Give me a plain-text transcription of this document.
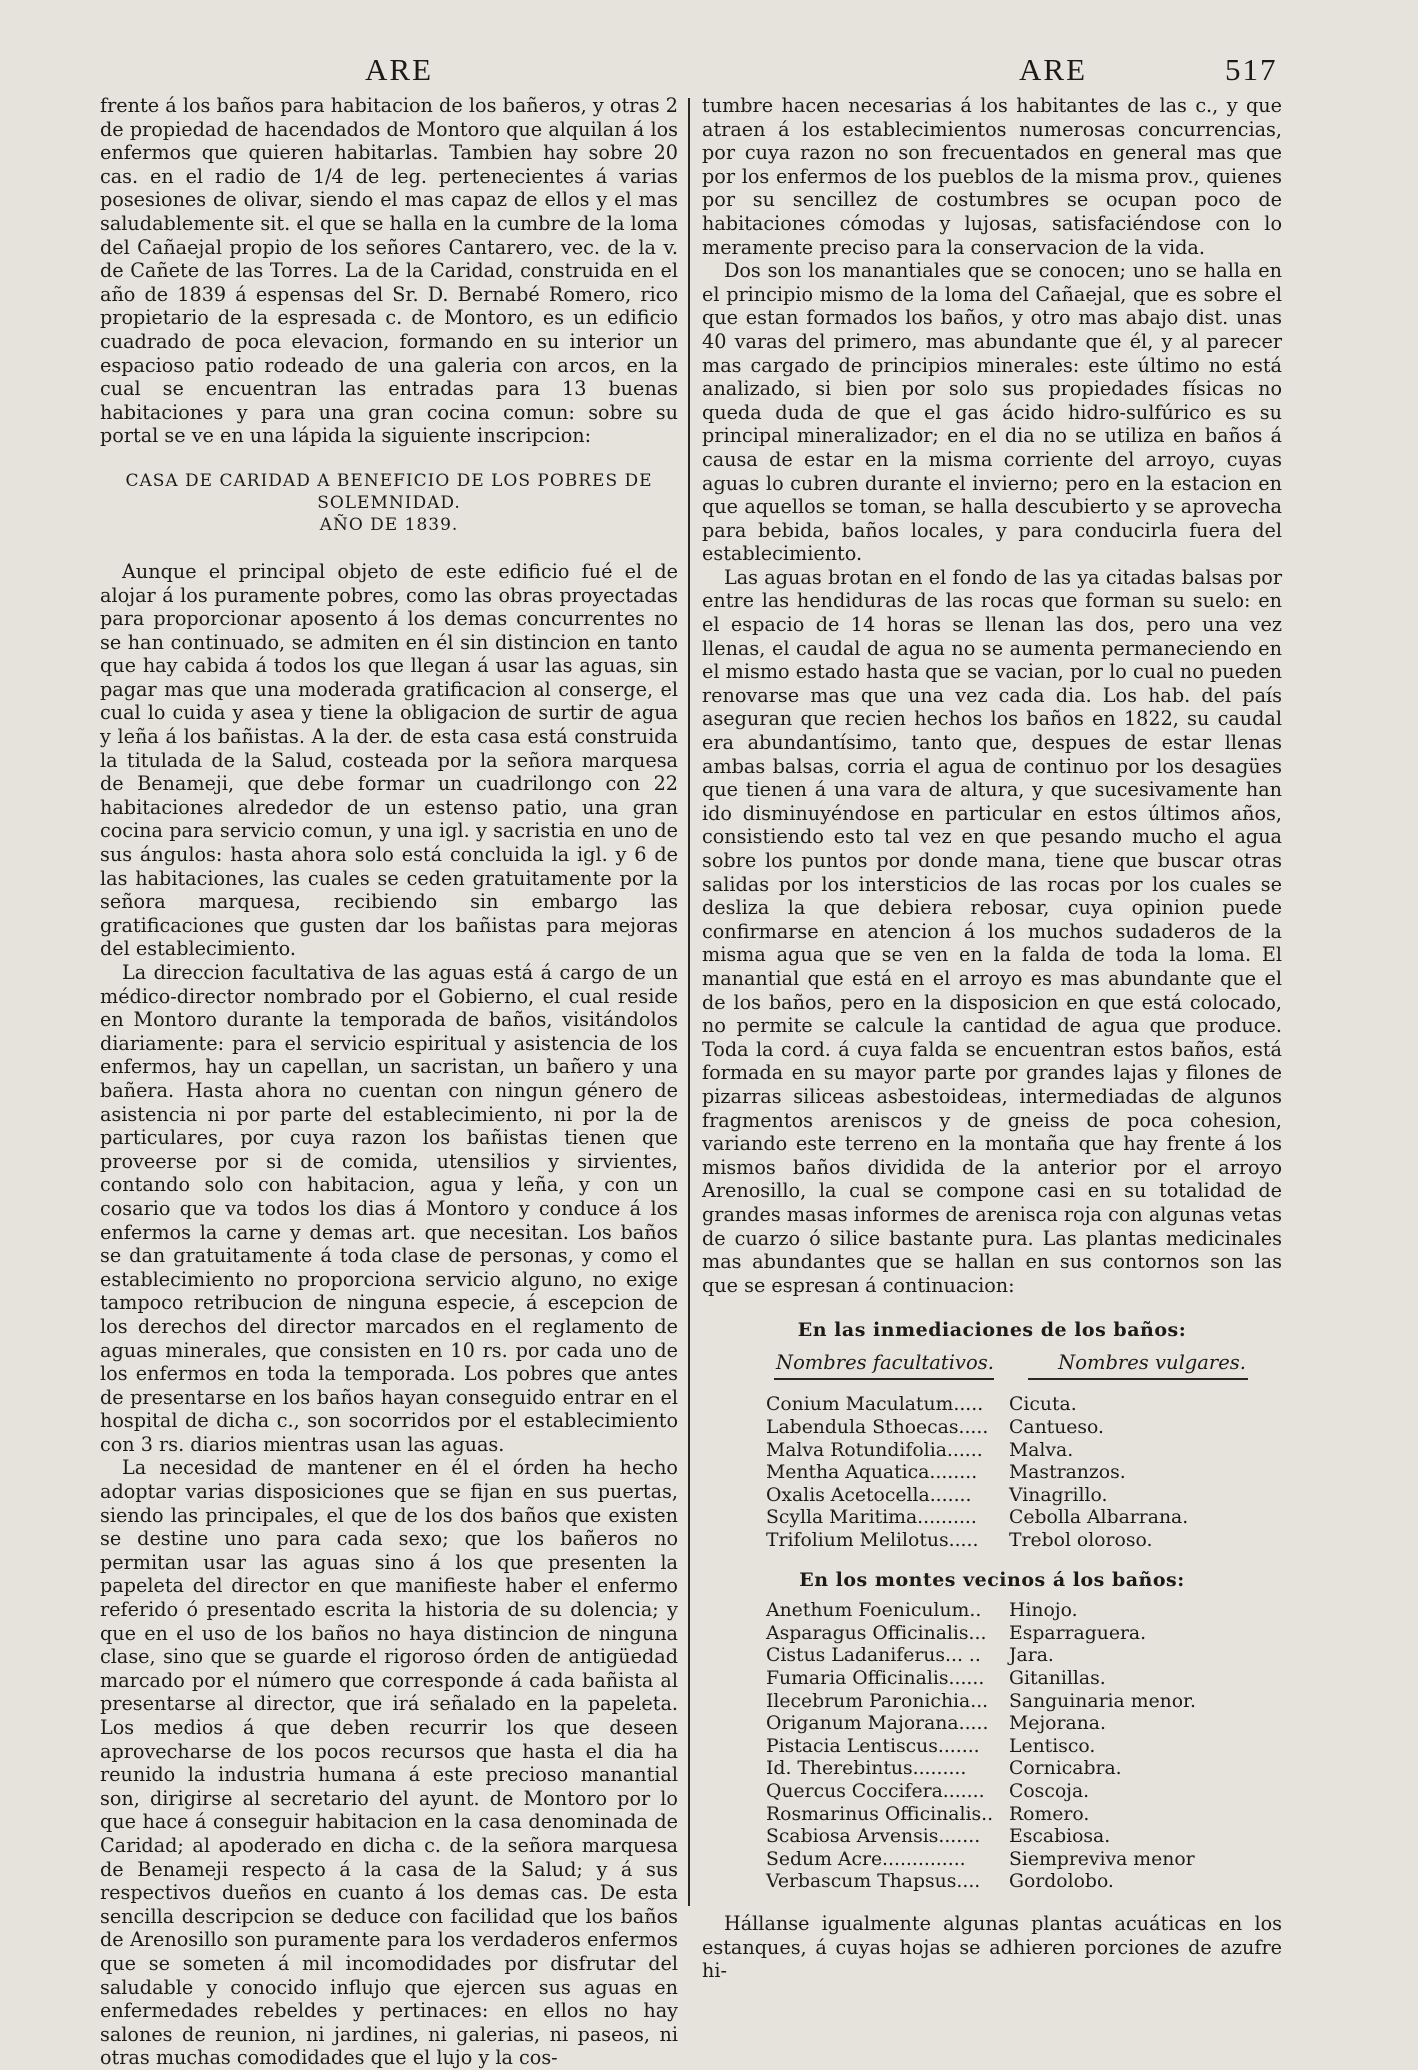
ARE	ARE	517

frente á los baños para habitacion de los bañeros, y otras 2 de propiedad de hacendados de Montoro que alquilan á los enfermos que quieren habitarlas. Tambien hay sobre 20 cas. en el radio de 1/4 de leg. pertenecientes á varias posesiones de olivar, siendo el mas capaz de ellos y el mas saludablemente sit. el que se halla en la cumbre de la loma del Cañaejal propio de los señores Cantarero, vec. de la v. de Cañete de las Torres. La de la Caridad, construida en el año de 1839 á espensas del Sr. D. Bernabé Romero, rico propietario de la espresada c. de Montoro, es un edificio cuadrado de poca elevacion, formando en su interior un espacioso patio rodeado de una galeria con arcos, en la cual se encuentran las entradas para 13 buenas habitaciones y para una gran cocina comun: sobre su portal se ve en una lápida la siguiente inscripcion:

CASA DE CARIDAD A BENEFICIO DE LOS POBRES DE SOLEMNIDAD.
AÑO DE 1839.

Aunque el principal objeto de este edificio fué el de alojar á los puramente pobres, como las obras proyectadas para proporcionar aposento á los demas concurrentes no se han continuado, se admiten en él sin distincion en tanto que hay cabida á todos los que llegan á usar las aguas, sin pagar mas que una moderada gratificacion al conserge, el cual lo cuida y asea y tiene la obligacion de surtir de agua y leña á los bañistas. A la der. de esta casa está construida la titulada de la Salud, costeada por la señora marquesa de Benameji, que debe formar un cuadrilongo con 22 habitaciones alrededor de un estenso patio, una gran cocina para servicio comun, y una igl. y sacristia en uno de sus ángulos: hasta ahora solo está concluida la igl. y 6 de las habitaciones, las cuales se ceden gratuitamente por la señora marquesa, recibiendo sin embargo las gratificaciones que gusten dar los bañistas para mejoras del establecimiento.

La direccion facultativa de las aguas está á cargo de un médico-director nombrado por el Gobierno, el cual reside en Montoro durante la temporada de baños, visitándolos diariamente: para el servicio espiritual y asistencia de los enfermos, hay un capellan, un sacristan, un bañero y una bañera. Hasta ahora no cuentan con ningun género de asistencia ni por parte del establecimiento, ni por la de particulares, por cuya razon los bañistas tienen que proveerse por si de comida, utensilios y sirvientes, contando solo con habitacion, agua y leña, y con un cosario que va todos los dias á Montoro y conduce á los enfermos la carne y demas art. que necesitan. Los baños se dan gratuitamente á toda clase de personas, y como el establecimiento no proporciona servicio alguno, no exige tampoco retribucion de ninguna especie, á escepcion de los derechos del director marcados en el reglamento de aguas minerales, que consisten en 10 rs. por cada uno de los enfermos en toda la temporada. Los pobres que antes de presentarse en los baños hayan conseguido entrar en el hospital de dicha c., son socorridos por el establecimiento con 3 rs. diarios mientras usan las aguas.

La necesidad de mantener en él el órden ha hecho adoptar varias disposiciones que se fijan en sus puertas, siendo las principales, el que de los dos baños que existen se destine uno para cada sexo; que los bañeros no permitan usar las aguas sino á los que presenten la papeleta del director en que manifieste haber el enfermo referido ó presentado escrita la historia de su dolencia; y que en el uso de los baños no haya distincion de ninguna clase, sino que se guarde el rigoroso órden de antigüedad marcado por el número que corresponde á cada bañista al presentarse al director, que irá señalado en la papeleta. Los medios á que deben recurrir los que deseen aprovecharse de los pocos recursos que hasta el dia ha reunido la industria humana á este precioso manantial son, dirigirse al secretario del ayunt. de Montoro por lo que hace á conseguir habitacion en la casa denominada de Caridad; al apoderado en dicha c. de la señora marquesa de Benameji respecto á la casa de la Salud; y á sus respectivos dueños en cuanto á los demas cas. De esta sencilla descripcion se deduce con facilidad que los baños de Arenosillo son puramente para los verdaderos enfermos que se someten á mil incomodidades por disfrutar del saludable y conocido influjo que ejercen sus aguas en enfermedades rebeldes y pertinaces: en ellos no hay salones de reunion, ni jardines, ni galerias, ni paseos, ni otras muchas comodidades que el lujo y la cos-

tumbre hacen necesarias á los habitantes de las c., y que atraen á los establecimientos numerosas concurrencias, por cuya razon no son frecuentados en general mas que por los enfermos de los pueblos de la misma prov., quienes por su sencillez de costumbres se ocupan poco de habitaciones cómodas y lujosas, satisfaciéndose con lo meramente preciso para la conservacion de la vida.

Dos son los manantiales que se conocen; uno se halla en el principio mismo de la loma del Cañaejal, que es sobre el que estan formados los baños, y otro mas abajo dist. unas 40 varas del primero, mas abundante que él, y al parecer mas cargado de principios minerales: este último no está analizado, si bien por solo sus propiedades físicas no queda duda de que el gas ácido hidro-sulfúrico es su principal mineralizador; en el dia no se utiliza en baños á causa de estar en la misma corriente del arroyo, cuyas aguas lo cubren durante el invierno; pero en la estacion en que aquellos se toman, se halla descubierto y se aprovecha para bebida, baños locales, y para conducirla fuera del establecimiento.

Las aguas brotan en el fondo de las ya citadas balsas por entre las hendiduras de las rocas que forman su suelo: en el espacio de 14 horas se llenan las dos, pero una vez llenas, el caudal de agua no se aumenta permaneciendo en el mismo estado hasta que se vacian, por lo cual no pueden renovarse mas que una vez cada dia. Los hab. del país aseguran que recien hechos los baños en 1822, su caudal era abundantísimo, tanto que, despues de estar llenas ambas balsas, corria el agua de continuo por los desagües que tienen á una vara de altura, y que sucesivamente han ido disminuyéndose en particular en estos últimos años, consistiendo esto tal vez en que pesando mucho el agua sobre los puntos por donde mana, tiene que buscar otras salidas por los intersticios de las rocas por los cuales se desliza la que debiera rebosar, cuya opinion puede confirmarse en atencion á los muchos sudaderos de la misma agua que se ven en la falda de toda la loma. El manantial que está en el arroyo es mas abundante que el de los baños, pero en la disposicion en que está colocado, no permite se calcule la cantidad de agua que produce. Toda la cord. á cuya falda se encuentran estos baños, está formada en su mayor parte por grandes lajas y filones de pizarras siliceas asbestoideas, intermediadas de algunos fragmentos areniscos y de gneiss de poca cohesion, variando este terreno en la montaña que hay frente á los mismos baños dividida de la anterior por el arroyo Arenosillo, la cual se compone casi en su totalidad de grandes masas informes de arenisca roja con algunas vetas de cuarzo ó silice bastante pura. Las plantas medicinales mas abundantes que se hallan en sus contornos son las que se espresan á continuacion:

En las inmediaciones de los baños:
Nombres facultativos.	Nombres vulgares.
Conium Maculatum.....	Cicuta.
Labendula Sthoecas.....	Cantueso.
Malva Rotundifolia......	Malva.
Mentha Aquatica........	Mastranzos.
Oxalis Acetocella.......	Vinagrillo.
Scylla Maritima..........	Cebolla Albarrana.
Trifolium Melilotus.....	Trebol oloroso.
En los montes vecinos á los baños:
Anethum Foeniculum..	Hinojo.
Asparagus Officinalis...	Esparraguera.
Cistus Ladaniferus... ..	Jara.
Fumaria Officinalis......	Gitanillas.
Ilecebrum Paronichia...	Sanguinaria menor.
Origanum Majorana.....	Mejorana.
Pistacia Lentiscus.......	Lentisco.
Id. Therebintus.........	Cornicabra.
Quercus Coccifera.......	Coscoja.
Rosmarinus Officinalis..	Romero.
Scabiosa Arvensis.......	Escabiosa.
Sedum Acre..............	Siempreviva menor
Verbascum Thapsus....	Gordolobo.

Hállanse igualmente algunas plantas acuáticas en los estanques, á cuyas hojas se adhieren porciones de azufre hi-
